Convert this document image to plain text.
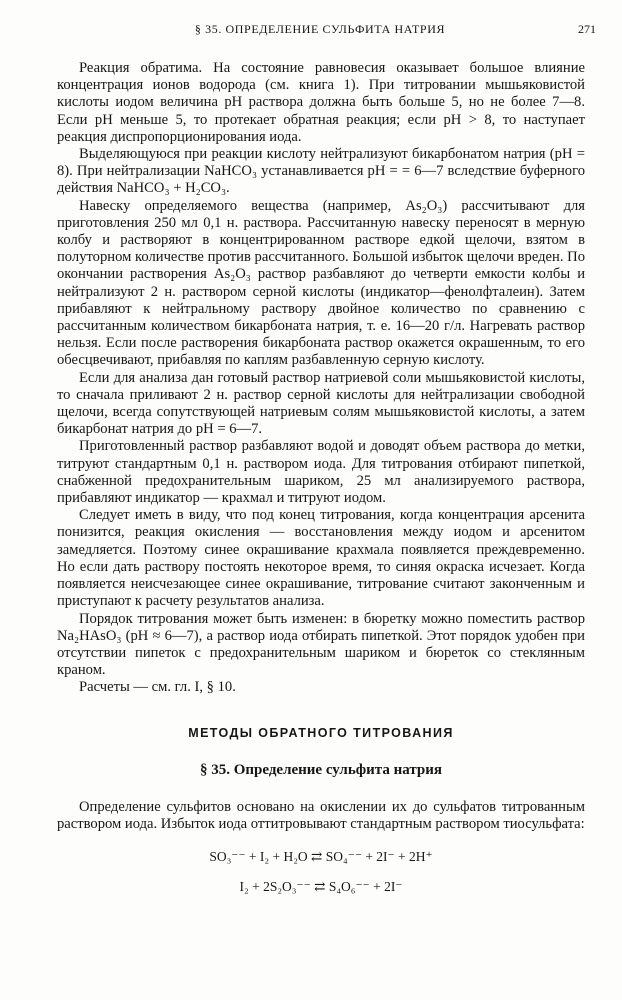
§ 35. ОПРЕДЕЛЕНИЕ СУЛЬФИТА НАТРИЯ	271

Реакция обратима. На состояние равновесия оказывает большое влияние концентрация ионов водорода (см. книга 1). При титровании мышьяковистой кислоты иодом величина pH раствора должна быть больше 5, но не более 7—8. Если pH меньше 5, то протекает обратная реакция; если pH > 8, то наступает реакция диспропорционирования иода.

Выделяющуюся при реакции кислоту нейтрализуют бикарбонатом натрия (pH = 8). При нейтрализации NaHCO₃ устанавливается pH = = 6—7 вследствие буферного действия NaHCO₃ + H₂CO₃.

Навеску определяемого вещества (например, As₂O₃) рассчитывают для приготовления 250 мл 0,1 н. раствора. Рассчитанную навеску переносят в мерную колбу и растворяют в концентрированном растворе едкой щелочи, взятом в полуторном количестве против рассчитанного. Большой избыток щелочи вреден. По окончании растворения As₂O₃ раствор разбавляют до четверти емкости колбы и нейтрализуют 2 н. раствором серной кислоты (индикатор—фенолфталеин). Затем прибавляют к нейтральному раствору двойное количество по сравнению с рассчитанным количеством бикарбоната натрия, т. е. 16—20 г/л. Нагревать раствор нельзя. Если после растворения бикарбоната раствор окажется окрашенным, то его обесцвечивают, прибавляя по каплям разбавленную серную кислоту.

Если для анализа дан готовый раствор натриевой соли мышьяковистой кислоты, то сначала приливают 2 н. раствор серной кислоты для нейтрализации свободной щелочи, всегда сопутствующей натриевым солям мышьяковистой кислоты, а затем бикарбонат натрия до pH = 6—7.

Приготовленный раствор разбавляют водой и доводят объем раствора до метки, титруют стандартным 0,1 н. раствором иода. Для титрования отбирают пипеткой, снабженной предохранительным шариком, 25 мл анализируемого раствора, прибавляют индикатор — крахмал и титруют иодом.

Следует иметь в виду, что под конец титрования, когда концентрация арсенита понизится, реакция окисления — восстановления между иодом и арсенитом замедляется. Поэтому синее окрашивание крахмала появляется преждевременно. Но если дать раствору постоять некоторое время, то синяя окраска исчезает. Когда появляется неисчезающее синее окрашивание, титрование считают законченным и приступают к расчету результатов анализа.

Порядок титрования может быть изменен: в бюретку можно поместить раствор Na₂HAsO₃ (pH ≈ 6—7), а раствор иода отбирать пипеткой. Этот порядок удобен при отсутствии пипеток с предохранительным шариком и бюреток со стеклянным краном.

Расчеты — см. гл. I, § 10.

МЕТОДЫ ОБРАТНОГО ТИТРОВАНИЯ
§ 35. Определение сульфита натрия

Определение сульфитов основано на окислении их до сульфатов титрованным раствором иода. Избыток иода оттитровывают стандартным раствором тиосульфата:

SO₃⁻⁻ + I₂ + H₂O ⇄ SO₄⁻⁻ + 2I⁻ + 2H⁺
I₂ + 2S₂O₃⁻⁻ ⇄ S₄O₆⁻⁻ + 2I⁻
